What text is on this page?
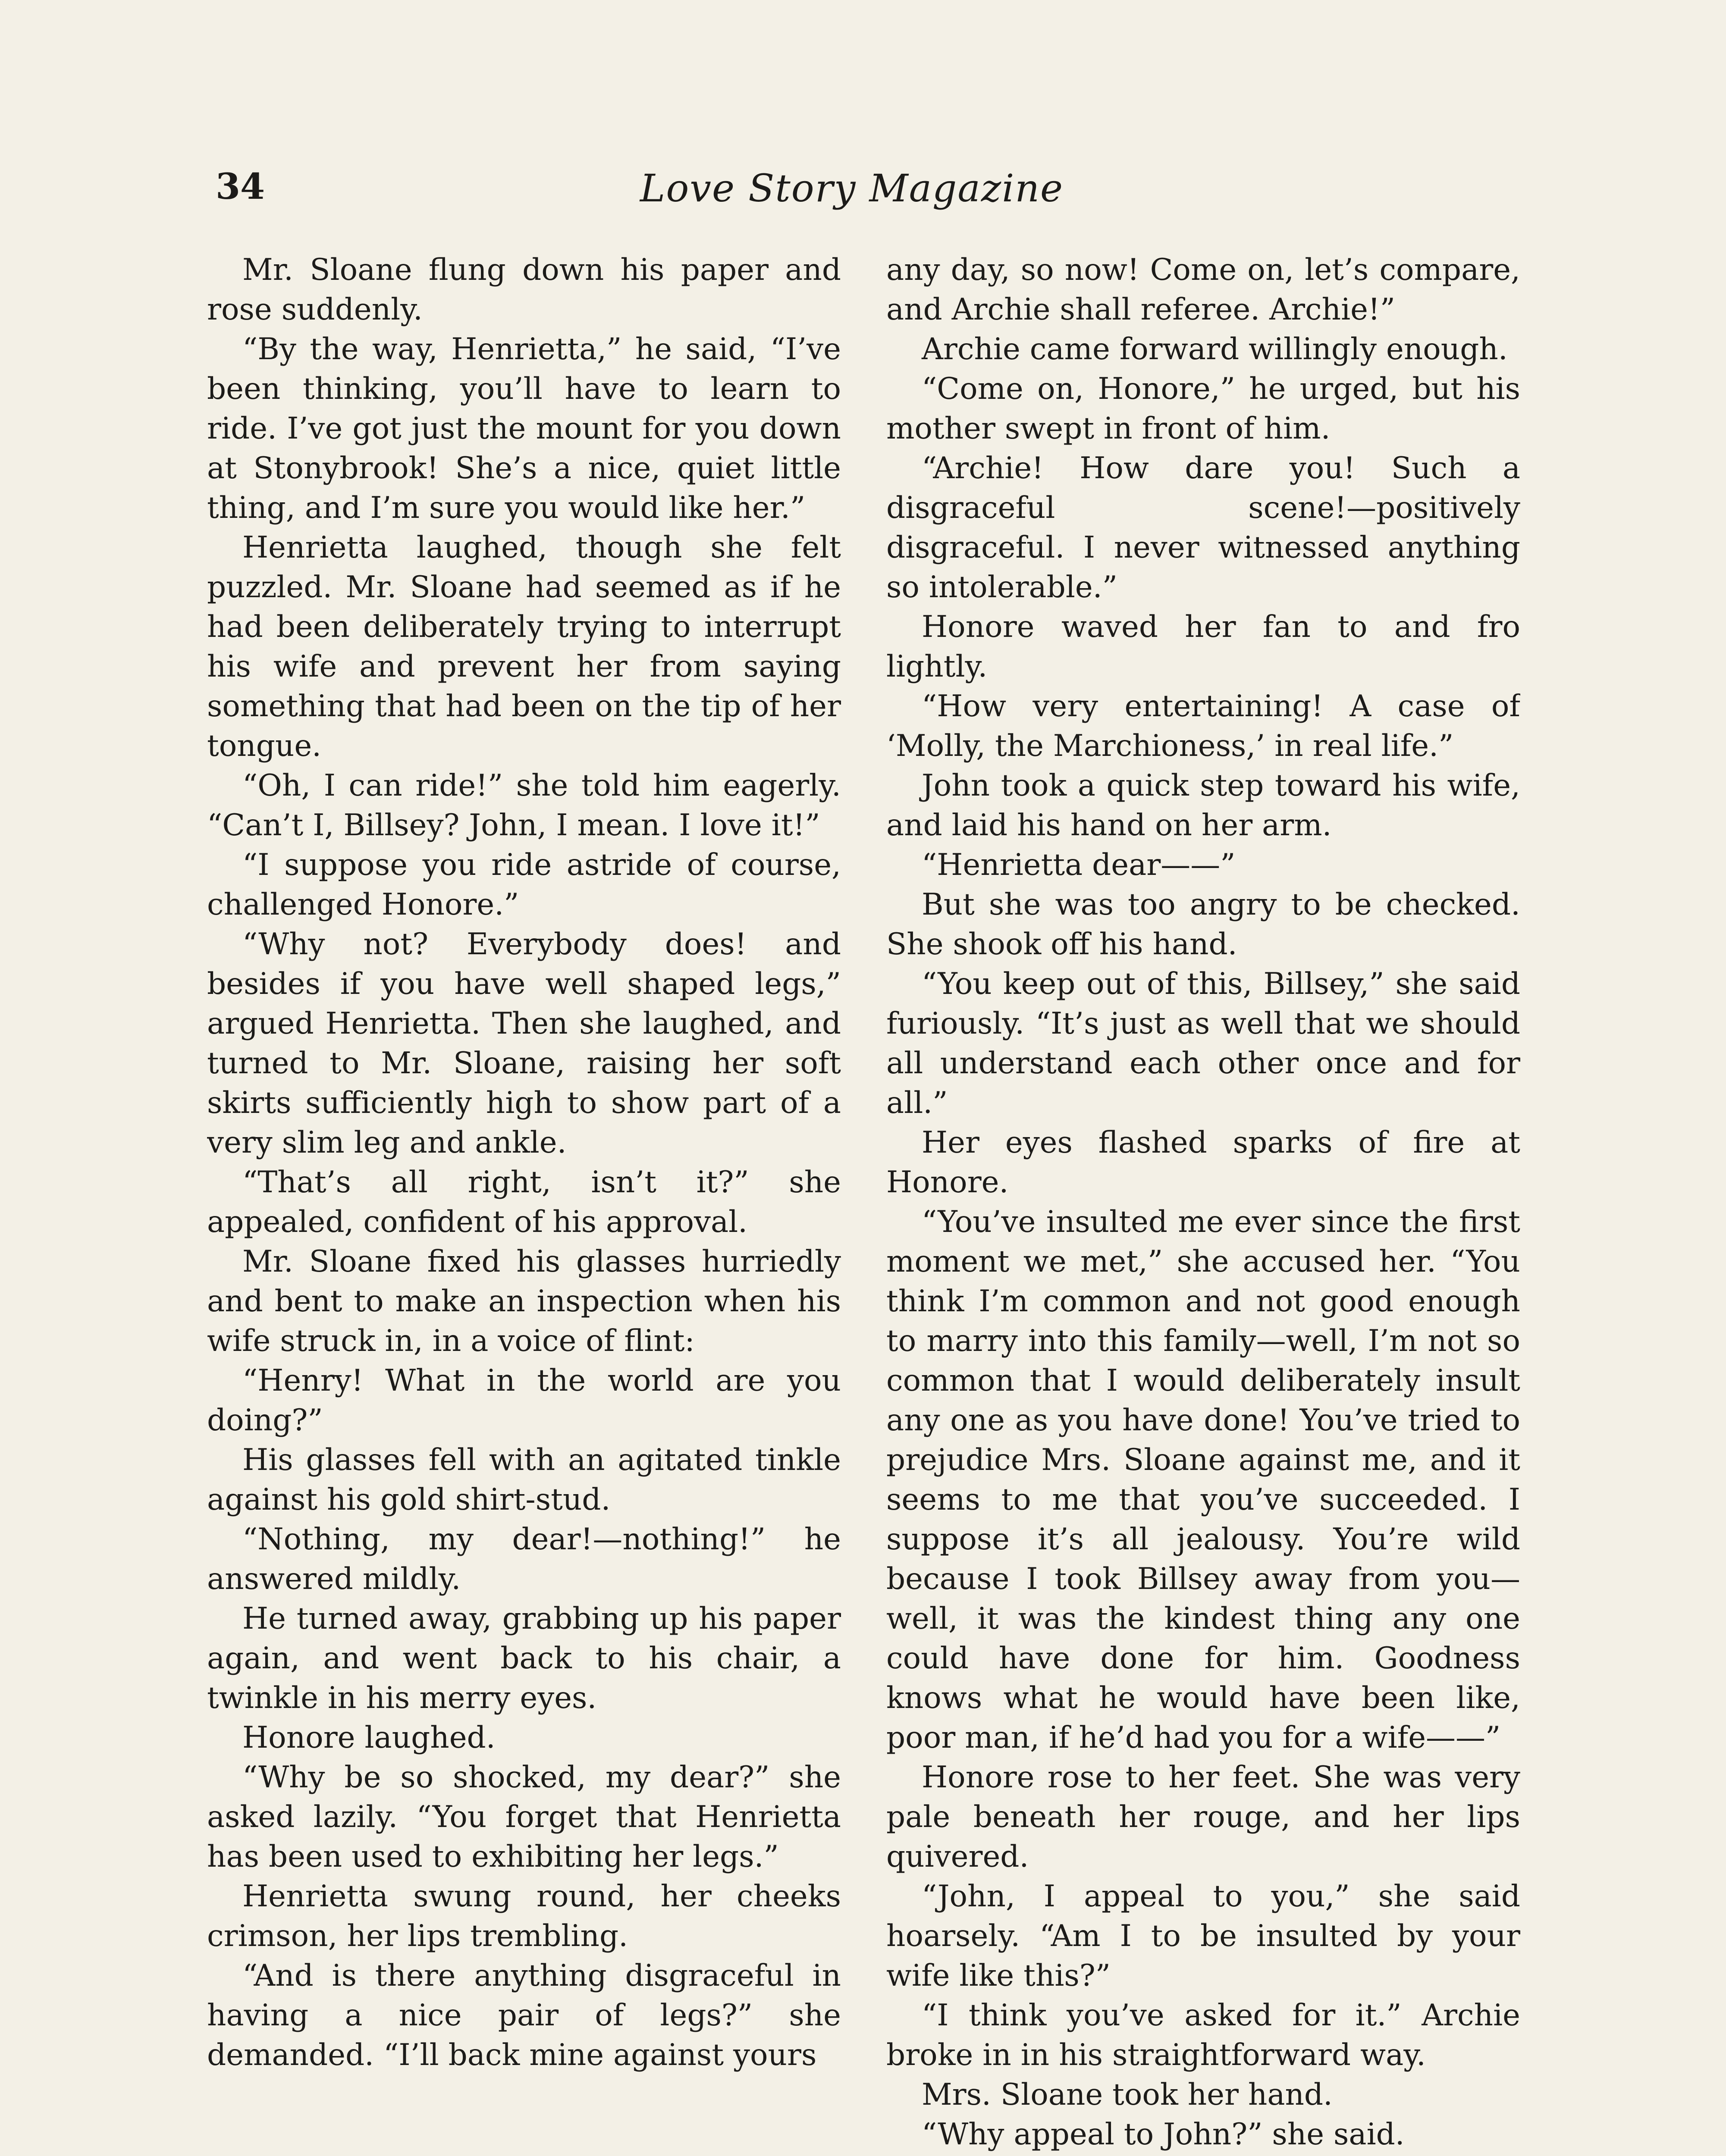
34	Love Story Magazine

Mr. Sloane flung down his paper and rose suddenly.

“By the way, Henrietta,” he said, “I’ve been thinking, you’ll have to learn to ride. I’ve got just the mount for you down at Stonybrook! She’s a nice, quiet little thing, and I’m sure you would like her.”

Henrietta laughed, though she felt puzzled. Mr. Sloane had seemed as if he had been deliberately trying to interrupt his wife and prevent her from saying something that had been on the tip of her tongue.

“Oh, I can ride!” she told him eagerly. “Can’t I, Billsey? John, I mean. I love it!”

“I suppose you ride astride of course, challenged Honore.”

“Why not? Everybody does! and besides if you have well shaped legs,” argued Henrietta. Then she laughed, and turned to Mr. Sloane, raising her soft skirts sufficiently high to show part of a very slim leg and ankle.

“That’s all right, isn’t it?” she appealed, confident of his approval.

Mr. Sloane fixed his glasses hurriedly and bent to make an inspection when his wife struck in, in a voice of flint:

“Henry! What in the world are you doing?”

His glasses fell with an agitated tinkle against his gold shirt-stud.

“Nothing, my dear!—nothing!” he answered mildly.

He turned away, grabbing up his paper again, and went back to his chair, a twinkle in his merry eyes.

Honore laughed.

“Why be so shocked, my dear?” she asked lazily. “You forget that Henrietta has been used to exhibiting her legs.”

Henrietta swung round, her cheeks crimson, her lips trembling.

“And is there anything disgraceful in having a nice pair of legs?” she demanded. “I’ll back mine against yours

any day, so now! Come on, let’s compare, and Archie shall referee. Archie!”

Archie came forward willingly enough.

“Come on, Honore,” he urged, but his mother swept in front of him.

“Archie! How dare you! Such a disgraceful scene!—positively disgraceful. I never witnessed anything so intolerable.”

Honore waved her fan to and fro lightly.

“How very entertaining! A case of ‘Molly, the Marchioness,’ in real life.”

John took a quick step toward his wife, and laid his hand on her arm.

“Henrietta dear——”

But she was too angry to be checked. She shook off his hand.

“You keep out of this, Billsey,” she said furiously. “It’s just as well that we should all understand each other once and for all.”

Her eyes flashed sparks of fire at Honore.

“You’ve insulted me ever since the first moment we met,” she accused her. “You think I’m common and not good enough to marry into this family—well, I’m not so common that I would deliberately insult any one as you have done! You’ve tried to prejudice Mrs. Sloane against me, and it seems to me that you’ve succeeded. I suppose it’s all jealousy. You’re wild because I took Billsey away from you—well, it was the kindest thing any one could have done for him. Goodness knows what he would have been like, poor man, if he’d had you for a wife——”

Honore rose to her feet. She was very pale beneath her rouge, and her lips quivered.

“John, I appeal to you,” she said hoarsely. “Am I to be insulted by your wife like this?”

“I think you’ve asked for it.” Archie broke in in his straightforward way.

Mrs. Sloane took her hand.

“Why appeal to John?” she said.
